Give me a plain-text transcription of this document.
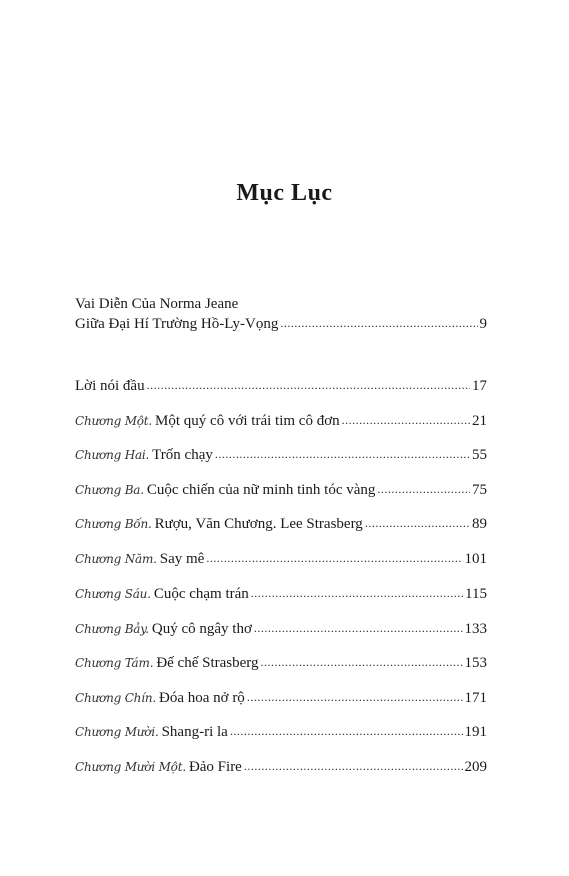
Mục Lục
Vai Diễn Của Norma Jeane
Giữa Đại Hí Trường Hồ-Ly-Vọng .....	9
Lời nói đầu .....	17
Chương Một. Một quý cô với trái tim cô đơn .....	21
Chương Hai. Trốn chạy .....	55
Chương Ba. Cuộc chiến của nữ minh tinh tóc vàng .....	75
Chương Bốn. Rượu, Văn Chương. Lee Strasberg .....	89
Chương Năm. Say mê .....	101
Chương Sáu. Cuộc chạm trán .....	115
Chương Bảy. Quý cô ngây thơ .....	133
Chương Tám. Đế chế Strasberg .....	153
Chương Chín. Đóa hoa nở rộ .....	171
Chương Mười. Shang-ri la .....	191
Chương Mười Một. Đảo Fire .....	209
